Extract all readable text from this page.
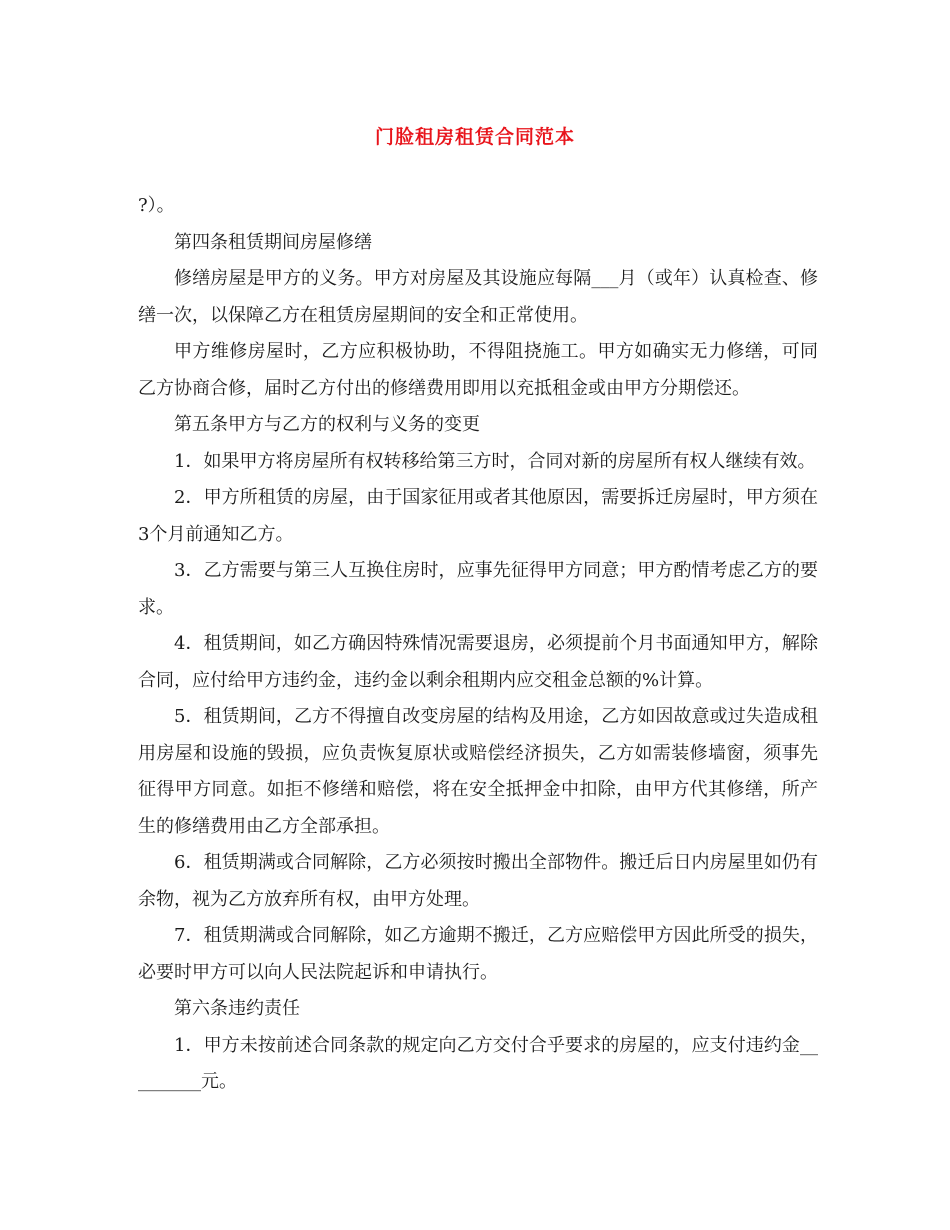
门脸租房租赁合同范本

?）。

第四条租赁期间房屋修缮

修缮房屋是甲方的义务。甲方对房屋及其设施应每隔___月（或年）认真检查、修缮一次，以保障乙方在租赁房屋期间的安全和正常使用。

甲方维修房屋时，乙方应积极协助，不得阻挠施工。甲方如确实无力修缮，可同乙方协商合修，届时乙方付出的修缮费用即用以充抵租金或由甲方分期偿还。

第五条甲方与乙方的权利与义务的变更

1．如果甲方将房屋所有权转移给第三方时，合同对新的房屋所有权人继续有效。

2．甲方所租赁的房屋，由于国家征用或者其他原因，需要拆迁房屋时，甲方须在3个月前通知乙方。

3．乙方需要与第三人互换住房时，应事先征得甲方同意；甲方酌情考虑乙方的要求。

4．租赁期间，如乙方确因特殊情况需要退房，必须提前个月书面通知甲方，解除合同，应付给甲方违约金，违约金以剩余租期内应交租金总额的%计算。

5．租赁期间，乙方不得擅自改变房屋的结构及用途，乙方如因故意或过失造成租用房屋和设施的毁损，应负责恢复原状或赔偿经济损失，乙方如需装修墙窗，须事先征得甲方同意。如拒不修缮和赔偿，将在安全抵押金中扣除，由甲方代其修缮，所产生的修缮费用由乙方全部承担。

6．租赁期满或合同解除，乙方必须按时搬出全部物件。搬迁后日内房屋里如仍有余物，视为乙方放弃所有权，由甲方处理。

7．租赁期满或合同解除，如乙方逾期不搬迁，乙方应赔偿甲方因此所受的损失，必要时甲方可以向人民法院起诉和申请执行。

第六条违约责任

1．甲方未按前述合同条款的规定向乙方交付合乎要求的房屋的，应支付违约金_________元。
